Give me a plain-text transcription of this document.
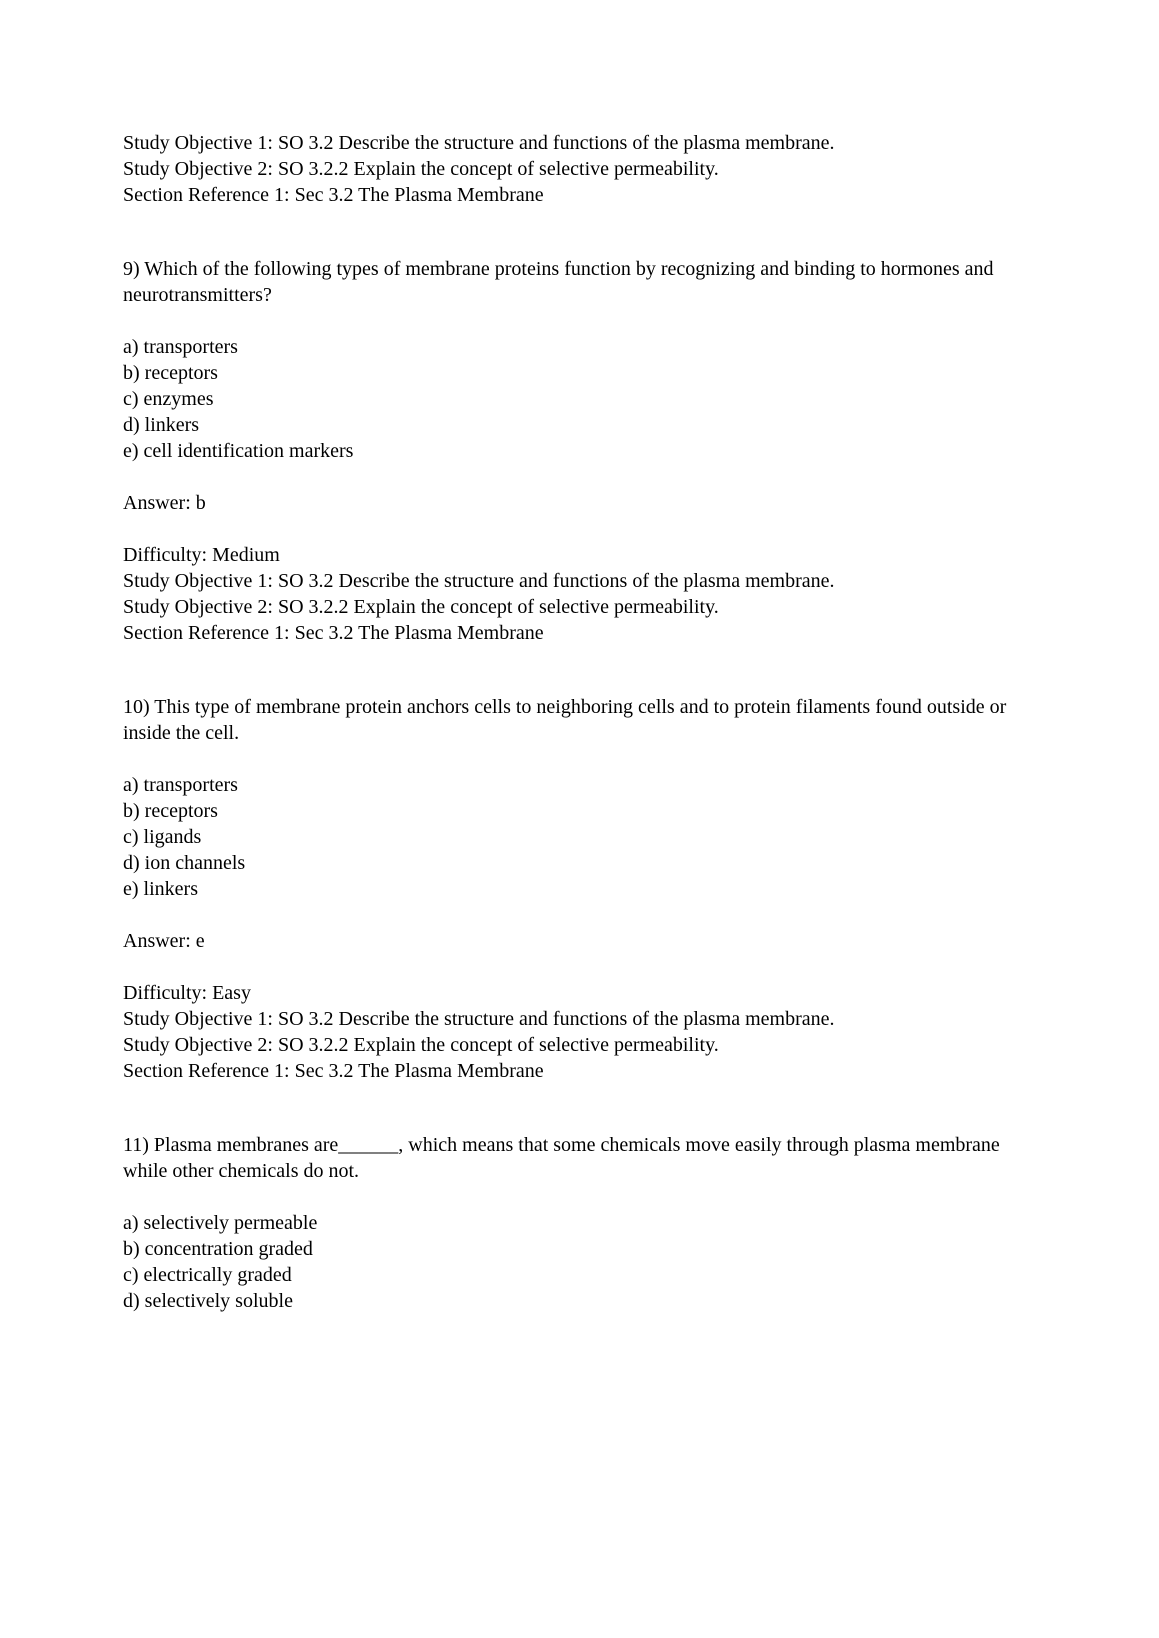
Study Objective 1: SO 3.2 Describe the structure and functions of the plasma membrane.
Study Objective 2: SO 3.2.2 Explain the concept of selective permeability.
Section Reference 1: Sec 3.2 The Plasma Membrane
9) Which of the following types of membrane proteins function by recognizing and binding to hormones and neurotransmitters?
a) transporters
b) receptors
c) enzymes
d) linkers
e) cell identification markers
Answer: b
Difficulty: Medium
Study Objective 1: SO 3.2 Describe the structure and functions of the plasma membrane.
Study Objective 2: SO 3.2.2 Explain the concept of selective permeability.
Section Reference 1: Sec 3.2 The Plasma Membrane
10) This type of membrane protein anchors cells to neighboring cells and to protein filaments found outside or inside the cell.
a) transporters
b) receptors
c) ligands
d) ion channels
e) linkers
Answer: e
Difficulty: Easy
Study Objective 1: SO 3.2 Describe the structure and functions of the plasma membrane.
Study Objective 2: SO 3.2.2 Explain the concept of selective permeability.
Section Reference 1: Sec 3.2 The Plasma Membrane
11) Plasma membranes are______, which means that some chemicals move easily through plasma membrane while other chemicals do not.
a) selectively permeable
b) concentration graded
c) electrically graded
d) selectively soluble
